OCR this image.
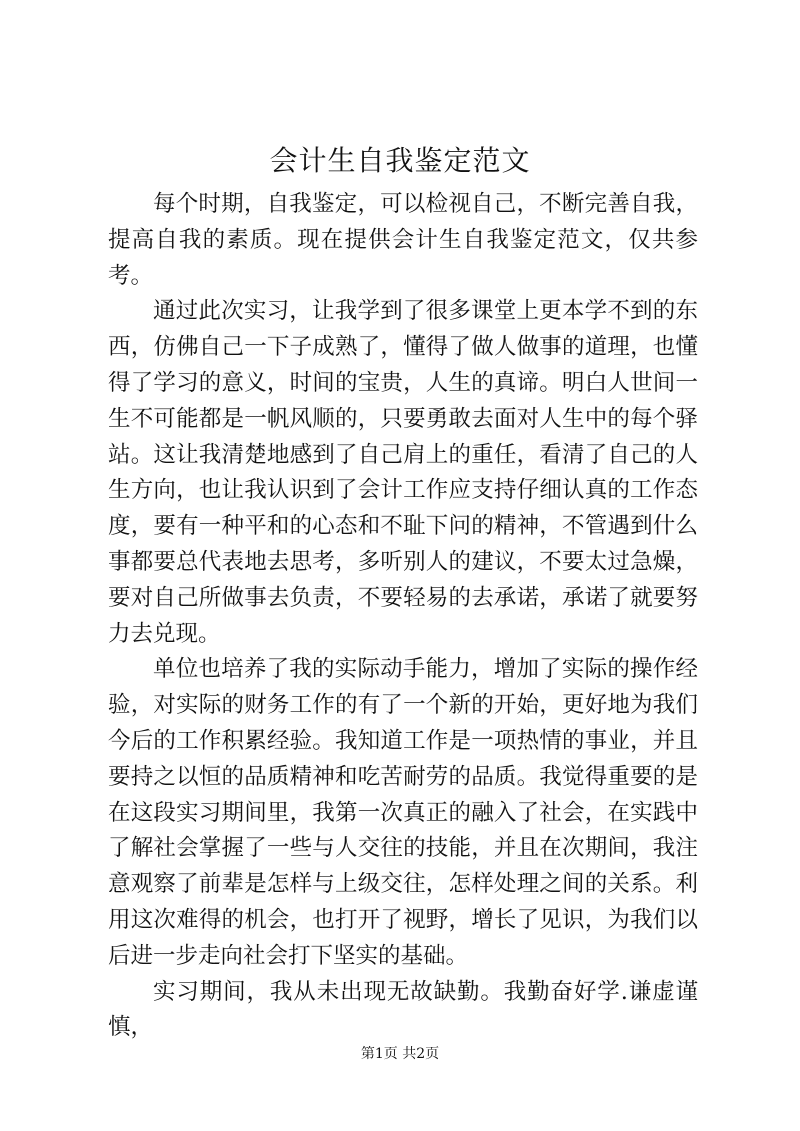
会计生自我鉴定范文

每个时期，自我鉴定，可以检视自己，不断完善自我，提高自我的素质。现在提供会计生自我鉴定范文，仅共参考。

通过此次实习，让我学到了很多课堂上更本学不到的东西，仿佛自己一下子成熟了，懂得了做人做事的道理，也懂得了学习的意义，时间的宝贵，人生的真谛。明白人世间一生不可能都是一帆风顺的，只要勇敢去面对人生中的每个驿站。这让我清楚地感到了自己肩上的重任，看清了自己的人生方向，也让我认识到了会计工作应支持仔细认真的工作态度，要有一种平和的心态和不耻下问的精神，不管遇到什么事都要总代表地去思考，多听别人的建议，不要太过急燥，要对自己所做事去负责，不要轻易的去承诺，承诺了就要努力去兑现。

单位也培养了我的实际动手能力，增加了实际的操作经验，对实际的财务工作的有了一个新的开始，更好地为我们今后的工作积累经验。我知道工作是一项热情的事业，并且要持之以恒的品质精神和吃苦耐劳的品质。我觉得重要的是在这段实习期间里，我第一次真正的融入了社会，在实践中了解社会掌握了一些与人交往的技能，并且在次期间，我注意观察了前辈是怎样与上级交往，怎样处理之间的关系。利用这次难得的机会，也打开了视野，增长了见识，为我们以后进一步走向社会打下坚实的基础。

实习期间，我从未出现无故缺勤。我勤奋好学.谦虚谨慎，

第1页 共2页
